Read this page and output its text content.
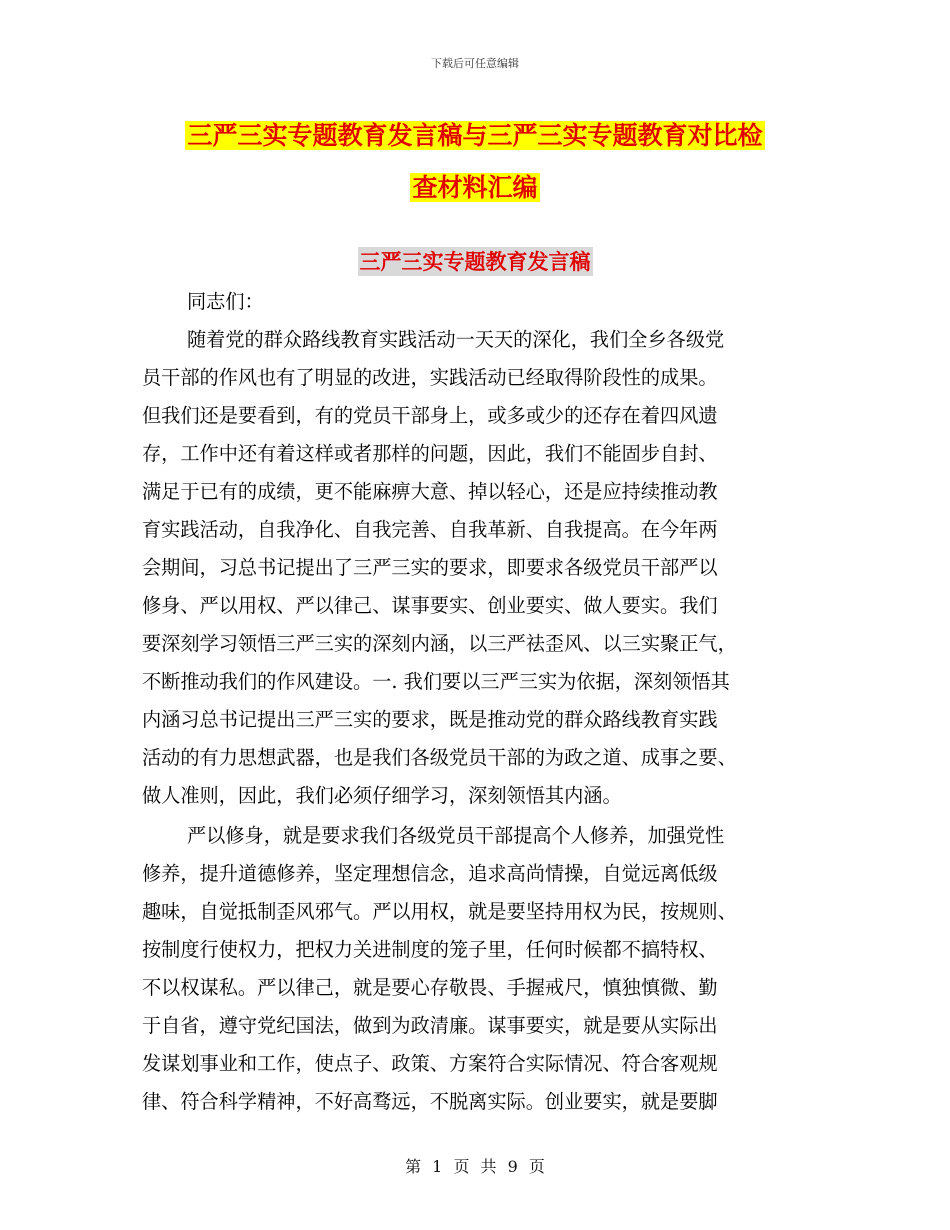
下载后可任意编辑
三严三实专题教育发言稿与三严三实专题教育对比检
查材料汇编
三严三实专题教育发言稿
同志们：
随着党的群众路线教育实践活动一天天的深化，我们全乡各级党
员干部的作风也有了明显的改进，实践活动已经取得阶段性的成果。
但我们还是要看到，有的党员干部身上，或多或少的还存在着四风遗
存，工作中还有着这样或者那样的问题，因此，我们不能固步自封、
满足于已有的成绩，更不能麻痹大意、掉以轻心，还是应持续推动教
育实践活动，自我净化、自我完善、自我革新、自我提高。在今年两
会期间，习总书记提出了三严三实的要求，即要求各级党员干部严以
修身、严以用权、严以律己、谋事要实、创业要实、做人要实。我们
要深刻学习领悟三严三实的深刻内涵，以三严祛歪风、以三实聚正气，
不断推动我们的作风建设。一. 我们要以三严三实为依据，深刻领悟其
内涵习总书记提出三严三实的要求，既是推动党的群众路线教育实践
活动的有力思想武器，也是我们各级党员干部的为政之道、成事之要、
做人准则，因此，我们必须仔细学习，深刻领悟其内涵。
严以修身，就是要求我们各级党员干部提高个人修养，加强党性
修养，提升道德修养，坚定理想信念，追求高尚情操，自觉远离低级
趣味，自觉抵制歪风邪气。严以用权，就是要坚持用权为民，按规则、
按制度行使权力，把权力关进制度的笼子里，任何时候都不搞特权、
不以权谋私。严以律己，就是要心存敬畏、手握戒尺，慎独慎微、勤
于自省，遵守党纪国法，做到为政清廉。谋事要实，就是要从实际出
发谋划事业和工作，使点子、政策、方案符合实际情况、符合客观规
律、符合科学精神，不好高骛远，不脱离实际。创业要实，就是要脚
第 1 页 共 9 页
